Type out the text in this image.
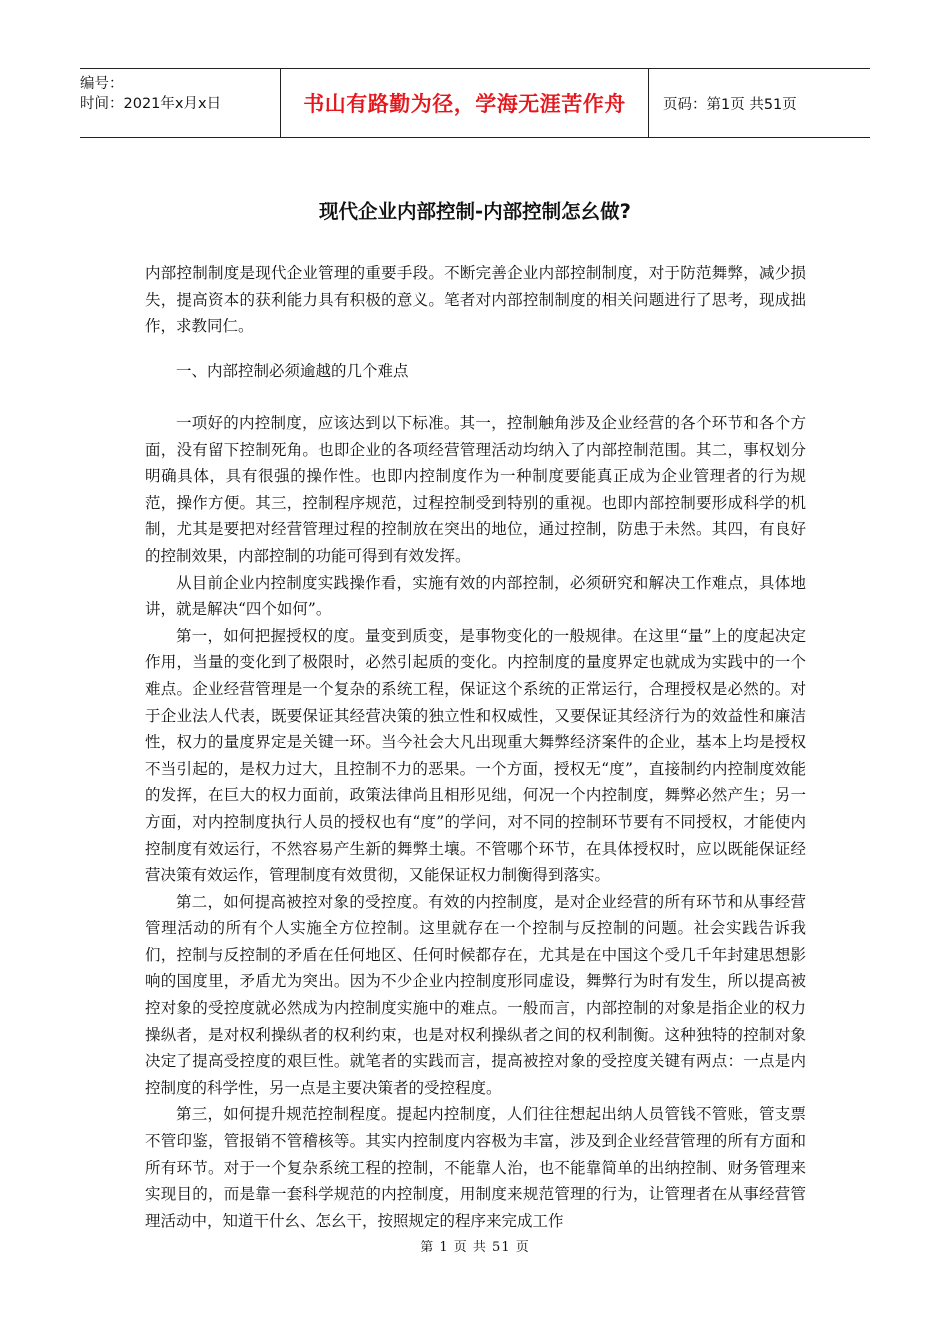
编号：
时间：2021年x月x日	书山有路勤为径，学海无涯苦作舟	页码：第1页 共51页
现代企业内部控制-内部控制怎幺做?

内部控制制度是现代企业管理的重要手段。不断完善企业内部控制制度，对于防范舞弊，减少损失，提高资本的获利能力具有积极的意义。笔者对内部控制制度的相关问题进行了思考，现成拙作，求教同仁。

一、内部控制必须逾越的几个难点

一项好的内控制度，应该达到以下标准。其一，控制触角涉及企业经营的各个环节和各个方面，没有留下控制死角。也即企业的各项经营管理活动均纳入了内部控制范围。其二，事权划分明确具体，具有很强的操作性。也即内控制度作为一种制度要能真正成为企业管理者的行为规范，操作方便。其三，控制程序规范，过程控制受到特别的重视。也即内部控制要形成科学的机制，尤其是要把对经营管理过程的控制放在突出的地位，通过控制，防患于未然。其四，有良好的控制效果，内部控制的功能可得到有效发挥。

从目前企业内控制度实践操作看，实施有效的内部控制，必须研究和解决工作难点，具体地讲，就是解决“四个如何”。

第一，如何把握授权的度。量变到质变，是事物变化的一般规律。在这里“量”上的度起决定作用，当量的变化到了极限时，必然引起质的变化。内控制度的量度界定也就成为实践中的一个难点。企业经营管理是一个复杂的系统工程，保证这个系统的正常运行，合理授权是必然的。对于企业法人代表，既要保证其经营决策的独立性和权威性，又要保证其经济行为的效益性和廉洁性，权力的量度界定是关键一环。当今社会大凡出现重大舞弊经济案件的企业，基本上均是授权不当引起的，是权力过大，且控制不力的恶果。一个方面，授权无“度”，直接制约内控制度效能的发挥，在巨大的权力面前，政策法律尚且相形见绌，何况一个内控制度，舞弊必然产生；另一方面，对内控制度执行人员的授权也有“度”的学问，对不同的控制环节要有不同授权，才能使内控制度有效运行，不然容易产生新的舞弊土壤。不管哪个环节，在具体授权时，应以既能保证经营决策有效运作，管理制度有效贯彻，又能保证权力制衡得到落实。

第二，如何提高被控对象的受控度。有效的内控制度，是对企业经营的所有环节和从事经营管理活动的所有个人实施全方位控制。这里就存在一个控制与反控制的问题。社会实践告诉我们，控制与反控制的矛盾在任何地区、任何时候都存在，尤其是在中国这个受几千年封建思想影响的国度里，矛盾尤为突出。因为不少企业内控制度形同虚设，舞弊行为时有发生，所以提高被控对象的受控度就必然成为内控制度实施中的难点。一般而言，内部控制的对象是指企业的权力操纵者，是对权利操纵者的权利约束，也是对权利操纵者之间的权利制衡。这种独特的控制对象决定了提高受控度的艰巨性。就笔者的实践而言，提高被控对象的受控度关键有两点：一点是内控制度的科学性，另一点是主要决策者的受控程度。

第三，如何提升规范控制程度。提起内控制度，人们往往想起出纳人员管钱不管账，管支票不管印鉴，管报销不管稽核等。其实内控制度内容极为丰富，涉及到企业经营管理的所有方面和所有环节。对于一个复杂系统工程的控制，不能靠人治，也不能靠简单的出纳控制、财务管理来实现目的，而是靠一套科学规范的内控制度，用制度来规范管理的行为，让管理者在从事经营管理活动中，知道干什幺、怎幺干，按照规定的程序来完成工作

第 1 页 共 51 页
